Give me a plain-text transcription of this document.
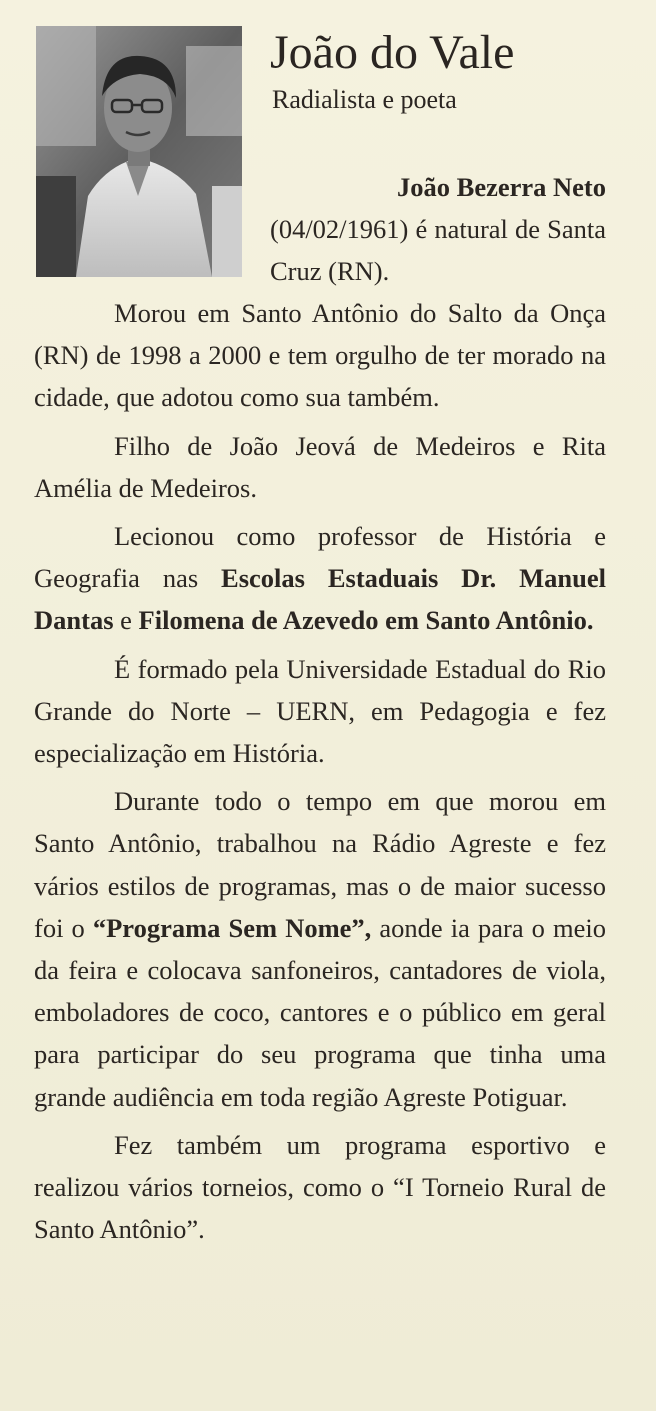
João do Vale
Radialista e poeta
João Bezerra Neto
(04/02/1961) é natural de Santa Cruz (RN).

Morou em Santo Antônio do Salto da Onça (RN) de 1998 a 2000 e tem orgulho de ter morado na cidade, que adotou como sua também.

Filho de João Jeová de Medeiros e Rita Amélia de Medeiros.

Lecionou como professor de História e Geografia nas Escolas Estaduais Dr. Manuel Dantas e Filomena de Azevedo em Santo Antônio.

É formado pela Universidade Estadual do Rio Grande do Norte – UERN, em Pedagogia e fez especialização em História.

Durante todo o tempo em que morou em Santo Antônio, trabalhou na Rádio Agreste e fez vários estilos de programas, mas o de maior sucesso foi o “Programa Sem Nome”, aonde ia para o meio da feira e colocava sanfoneiros, cantadores de viola, emboladores de coco, cantores e o público em geral para participar do seu programa que tinha uma grande audiência em toda região Agreste Potiguar.

Fez também um programa esportivo e realizou vários torneios, como o “I Torneio Rural de Santo Antônio”.
